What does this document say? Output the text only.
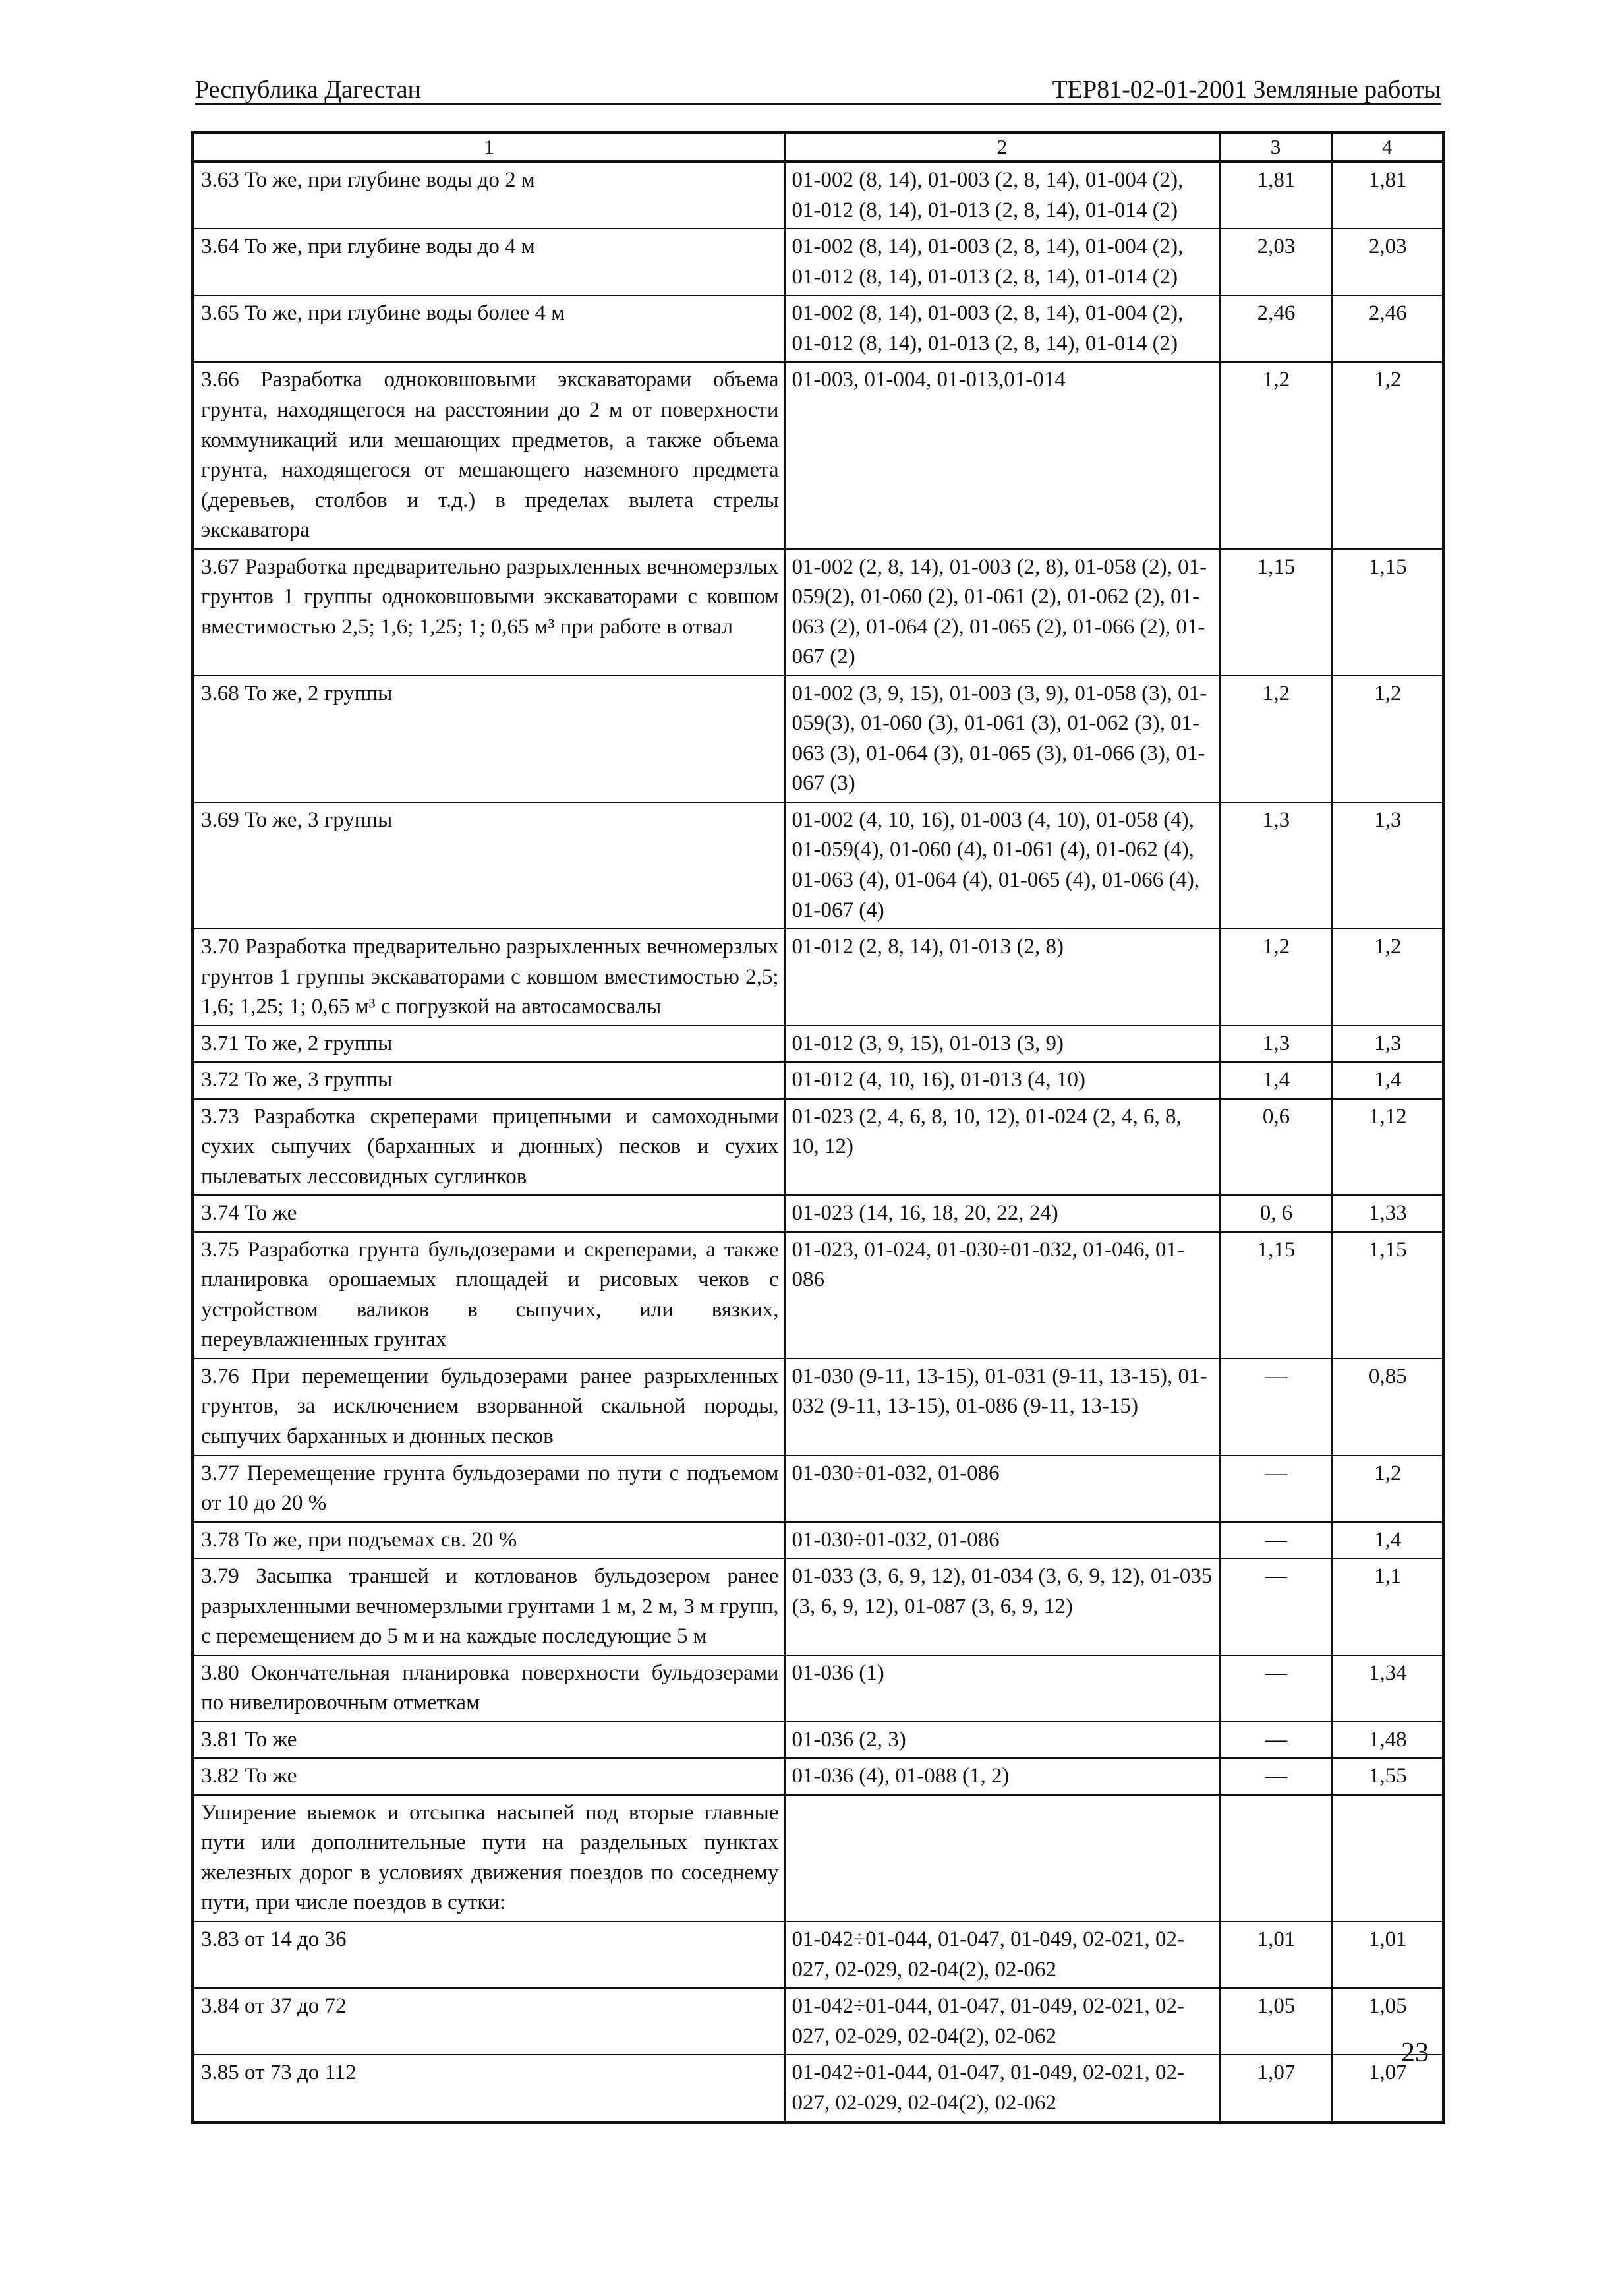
Республика Дагестан	ТЕР81-02-01-2001 Земляные работы
1	2	3	4
3.63 То же, при глубине воды до 2 м	01-002 (8, 14), 01-003 (2, 8, 14), 01-004 (2), 01-012 (8, 14), 01-013 (2, 8, 14), 01-014 (2)	1,81	1,81
3.64 То же, при глубине воды до 4 м	01-002 (8, 14), 01-003 (2, 8, 14), 01-004 (2), 01-012 (8, 14), 01-013 (2, 8, 14), 01-014 (2)	2,03	2,03
3.65 То же, при глубине воды более 4 м	01-002 (8, 14), 01-003 (2, 8, 14), 01-004 (2), 01-012 (8, 14), 01-013 (2, 8, 14), 01-014 (2)	2,46	2,46
3.66 Разработка одноковшовыми экскаваторами объема грунта, находящегося на расстоянии до 2 м от поверхности коммуникаций или мешающих предметов, а также объема грунта, находящегося от мешающего наземного предмета (деревьев, столбов и т.д.) в пределах вылета стрелы экскаватора	01-003, 01-004, 01-013,01-014	1,2	1,2
3.67 Разработка предварительно разрыхленных вечномерзлых грунтов 1 группы одноковшовыми экскаваторами с ковшом вместимостью 2,5; 1,6; 1,25; 1; 0,65 м³ при работе в отвал	01-002 (2, 8, 14), 01-003 (2, 8), 01-058 (2), 01-059(2), 01-060 (2), 01-061 (2), 01-062 (2), 01-063 (2), 01-064 (2), 01-065 (2), 01-066 (2), 01-067 (2)	1,15	1,15
3.68 То же, 2 группы	01-002 (3, 9, 15), 01-003 (3, 9), 01-058 (3), 01-059(3), 01-060 (3), 01-061 (3), 01-062 (3), 01-063 (3), 01-064 (3), 01-065 (3), 01-066 (3), 01-067 (3)	1,2	1,2
3.69 То же, 3 группы	01-002 (4, 10, 16), 01-003 (4, 10), 01-058 (4), 01-059(4), 01-060 (4), 01-061 (4), 01-062 (4), 01-063 (4), 01-064 (4), 01-065 (4), 01-066 (4), 01-067 (4)	1,3	1,3
3.70 Разработка предварительно разрыхленных вечномерзлых грунтов 1 группы экскаваторами с ковшом вместимостью 2,5; 1,6; 1,25; 1; 0,65 м³ с погрузкой на автосамосвалы	01-012 (2, 8, 14), 01-013 (2, 8)	1,2	1,2
3.71 То же, 2 группы	01-012 (3, 9, 15), 01-013 (3, 9)	1,3	1,3
3.72 То же, 3 группы	01-012 (4, 10, 16), 01-013 (4, 10)	1,4	1,4
3.73 Разработка скреперами прицепными и самоходными сухих сыпучих (барханных и дюнных) песков и сухих пылеватых лессовидных суглинков	01-023 (2, 4, 6, 8, 10, 12), 01-024 (2, 4, 6, 8, 10, 12)	0,6	1,12
3.74 То же	01-023 (14, 16, 18, 20, 22, 24)	0, 6	1,33
3.75 Разработка грунта бульдозерами и скреперами, а также планировка орошаемых площадей и рисовых чеков с устройством валиков в сыпучих, или вязких, переувлажненных грунтах	01-023, 01-024, 01-030÷01-032, 01-046, 01-086	1,15	1,15
3.76 При перемещении бульдозерами ранее разрыхленных грунтов, за исключением взорванной скальной породы, сыпучих барханных и дюнных песков	01-030 (9-11, 13-15), 01-031 (9-11, 13-15), 01-032 (9-11, 13-15), 01-086 (9-11, 13-15)	—	0,85
3.77 Перемещение грунта бульдозерами по пути с подъемом от 10 до 20 %	01-030÷01-032, 01-086	—	1,2
3.78 То же, при подъемах св. 20 %	01-030÷01-032, 01-086	—	1,4
3.79 Засыпка траншей и котлованов бульдозером ранее разрыхленными вечномерзлыми грунтами 1 м, 2 м, 3 м групп, с перемещением до 5 м и на каждые последующие 5 м	01-033 (3, 6, 9, 12), 01-034 (3, 6, 9, 12), 01-035 (3, 6, 9, 12), 01-087 (3, 6, 9, 12)	—	1,1
3.80 Окончательная планировка поверхности бульдозерами по нивелировочным отметкам	01-036 (1)	—	1,34
3.81 То же	01-036 (2, 3)	—	1,48
3.82 То же	01-036 (4), 01-088 (1, 2)	—	1,55
Уширение выемок и отсыпка насыпей под вторые главные пути или дополнительные пути на раздельных пунктах железных дорог в условиях движения поездов по соседнему пути, при числе поездов в сутки:			
3.83 от 14 до 36	01-042÷01-044, 01-047, 01-049, 02-021, 02-027, 02-029, 02-04(2), 02-062	1,01	1,01
3.84 от 37 до 72	01-042÷01-044, 01-047, 01-049, 02-021, 02-027, 02-029, 02-04(2), 02-062	1,05	1,05
3.85 от 73 до 112	01-042÷01-044, 01-047, 01-049, 02-021, 02-027, 02-029, 02-04(2), 02-062	1,07	1,07
23
